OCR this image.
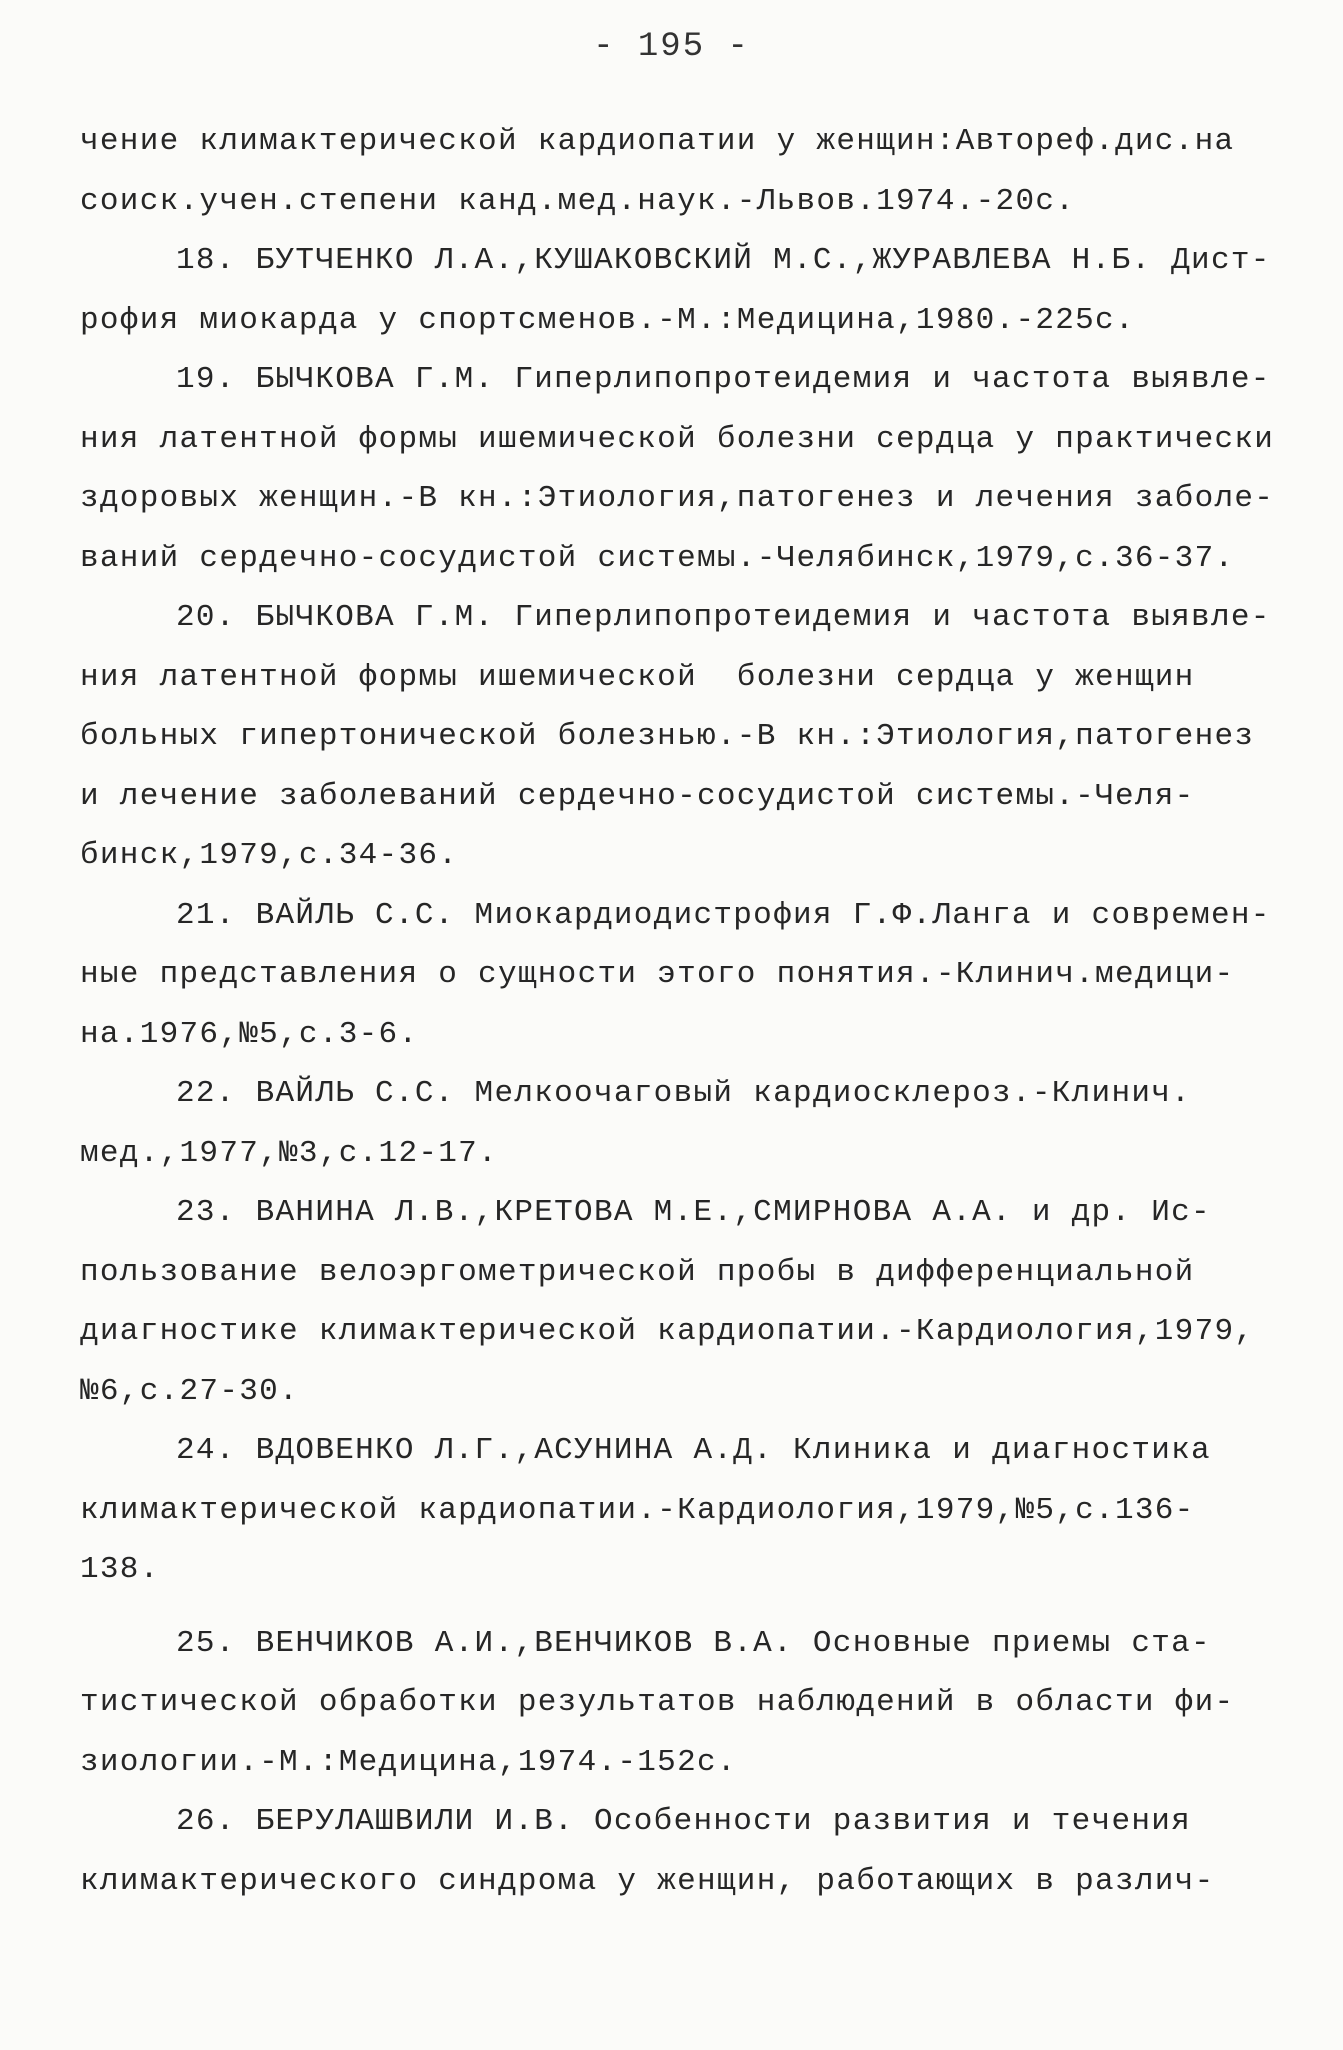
- 195 -
чение климактерической кардиопатии у женщин:Автореф.дис.на
соиск.учен.степени канд.мед.наук.-Львов.1974.-20с.
18. БУТЧЕНКО Л.А.,КУШАКОВСКИЙ М.С.,ЖУРАВЛЕВА Н.Б. Дист-
рофия миокарда у спортсменов.-М.:Медицина,1980.-225с.
19. БЫЧКОВА Г.М. Гиперлипопротеидемия и частота выявле-
ния латентной формы ишемической болезни сердца у практически
здоровых женщин.-В кн.:Этиология,патогенез и лечения заболе-
ваний сердечно-сосудистой системы.-Челябинск,1979,с.36-37.
20. БЫЧКОВА Г.М. Гиперлипопротеидемия и частота выявле-
ния латентной формы ишемической  болезни сердца у женщин
больных гипертонической болезнью.-В кн.:Этиология,патогенез
и лечение заболеваний сердечно-сосудистой системы.-Челя-
бинск,1979,с.34-36.
21. ВАЙЛЬ С.С. Миокардиодистрофия Г.Ф.Ланга и современ-
ные представления о сущности этого понятия.-Клинич.медици-
на.1976,№5,с.3-6.
22. ВАЙЛЬ С.С. Мелкоочаговый кардиосклероз.-Клинич.
мед.,1977,№3,с.12-17.
23. ВАНИНА Л.В.,КРЕТОВА М.Е.,СМИРНОВА А.А. и др. Ис-
пользование велоэргометрической пробы в дифференциальной
диагностике климактерической кардиопатии.-Кардиология,1979,
№6,с.27-30.
24. ВДОВЕНКО Л.Г.,АСУНИНА А.Д. Клиника и диагностика
климактерической кардиопатии.-Кардиология,1979,№5,с.136-
138.
25. ВЕНЧИКОВ А.И.,ВЕНЧИКОВ В.А. Основные приемы ста-
тистической обработки результатов наблюдений в области фи-
зиологии.-М.:Медицина,1974.-152с.
26. БЕРУЛАШВИЛИ И.В. Особенности развития и течения
климактерического синдрома у женщин, работающих в различ-
